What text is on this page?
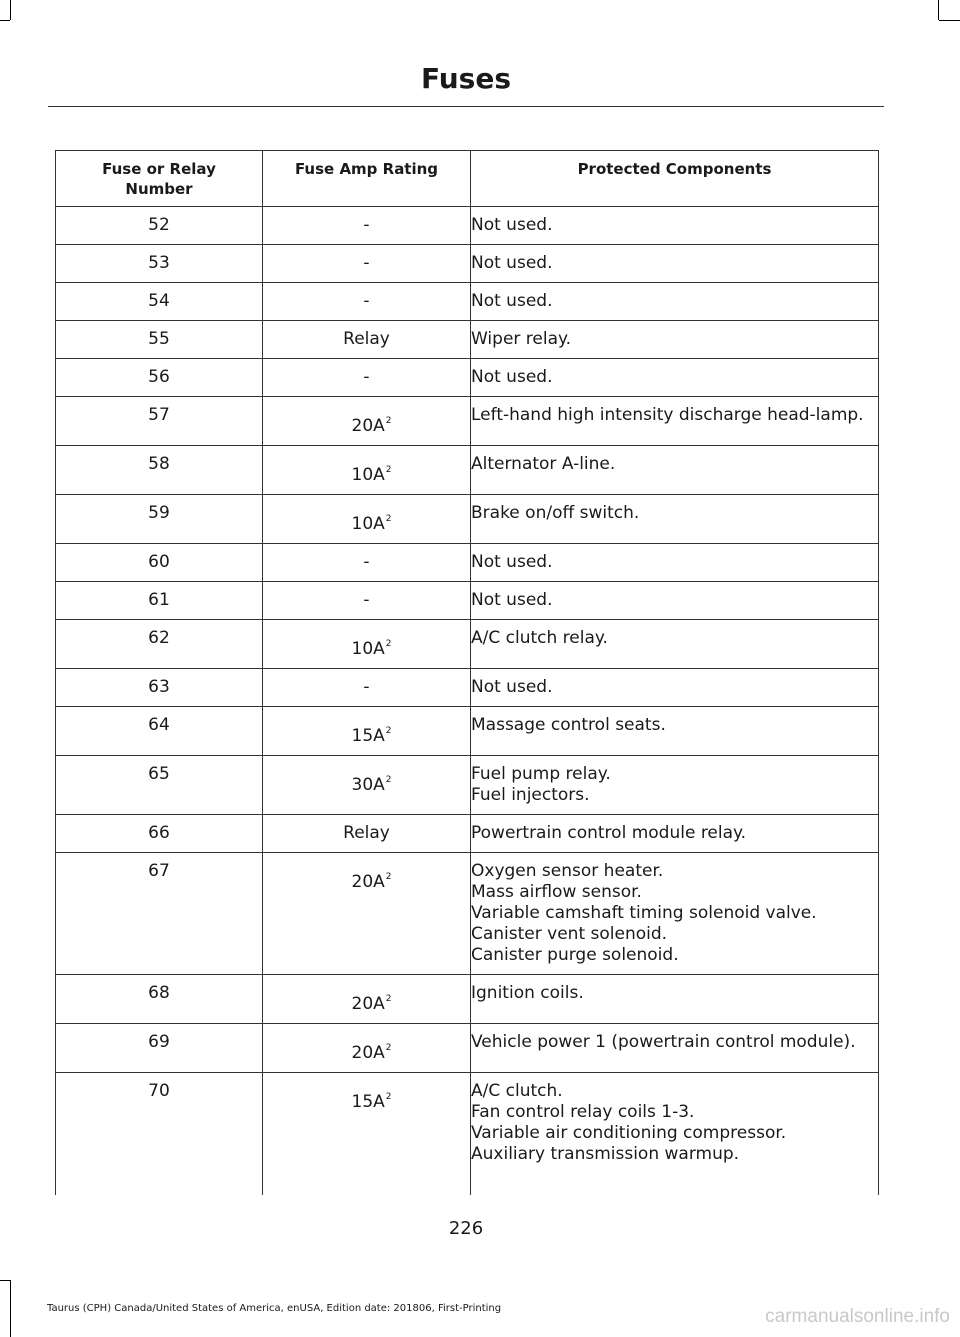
Fuses
Fuse or Relay Number	Fuse Amp Rating	Protected Components
52	-	Not used.

53	-	Not used.

54	-	Not used.

55	Relay	Wiper relay.

56	-	Not used.

57	$20A^2$	Left-hand high intensity discharge head-lamp.

58	$10A^2$	Alternator A-line.

59	$10A^2$	Brake on/off switch.

60	-	Not used.

61	-	Not used.

62	$10A^2$	A/C clutch relay.

63	-	Not used.

64	$15A^2$	Massage control seats.

65	$30A^2$	Fuel pump relay.
Fuel injectors.

66	Relay	Powertrain control module relay.

67	$20A^2$	Oxygen sensor heater.
Mass airflow sensor.
Variable camshaft timing solenoid valve.
Canister vent solenoid.
Canister purge solenoid.

68	$20A^2$	Ignition coils.

69	$20A^2$	Vehicle power 1 (powertrain control module).

70	$15A^2$	A/C clutch.
Fan control relay coils 1-3.
Variable air conditioning compressor.
Auxiliary transmission warmup.
226
Taurus (CPH) Canada/United States of America, enUSA, Edition date: 201806, First-Printing	carmanualsonline.info
